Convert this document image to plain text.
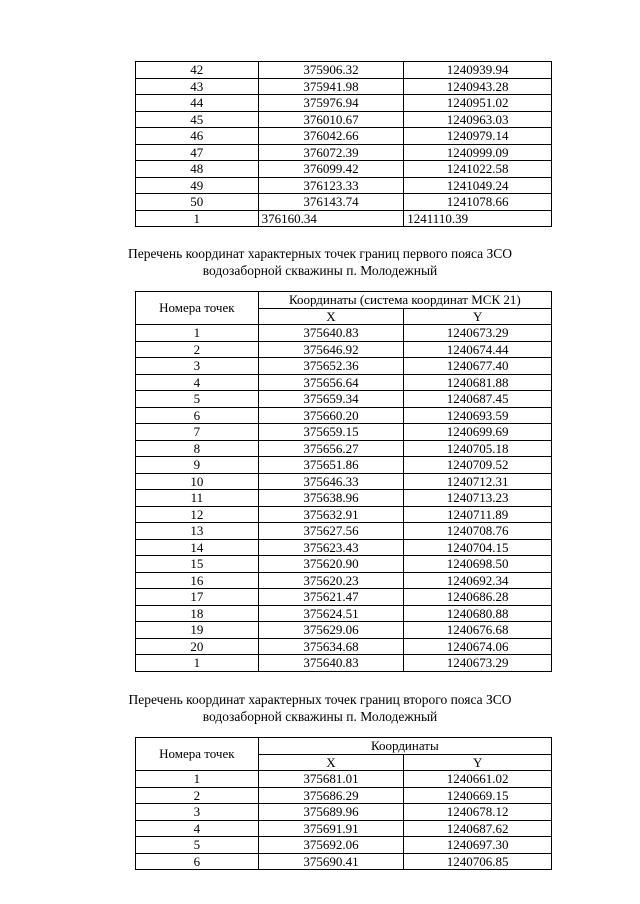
42	375906.32	1240939.94
43	375941.98	1240943.28
44	375976.94	1240951.02
45	376010.67	1240963.03
46	376042.66	1240979.14
47	376072.39	1240999.09
48	376099.42	1241022.58
49	376123.33	1241049.24
50	376143.74	1241078.66
1	376160.34	1241110.39
Перечень координат характерных точек границ первого пояса ЗСО
водозаборной скважины п. Молодежный
Номера точек	Координаты (система координат МСК 21)	
	X	Y
1	375640.83	1240673.29
2	375646.92	1240674.44
3	375652.36	1240677.40
4	375656.64	1240681.88
5	375659.34	1240687.45
6	375660.20	1240693.59
7	375659.15	1240699.69
8	375656.27	1240705.18
9	375651.86	1240709.52
10	375646.33	1240712.31
11	375638.96	1240713.23
12	375632.91	1240711.89
13	375627.56	1240708.76
14	375623.43	1240704.15
15	375620.90	1240698.50
16	375620.23	1240692.34
17	375621.47	1240686.28
18	375624.51	1240680.88
19	375629.06	1240676.68
20	375634.68	1240674.06
1	375640.83	1240673.29
Перечень координат характерных точек границ второго пояса ЗСО
водозаборной скважины п. Молодежный
Номера точек	Координаты	
	X	Y
1	375681.01	1240661.02
2	375686.29	1240669.15
3	375689.96	1240678.12
4	375691.91	1240687.62
5	375692.06	1240697.30
6	375690.41	1240706.85
